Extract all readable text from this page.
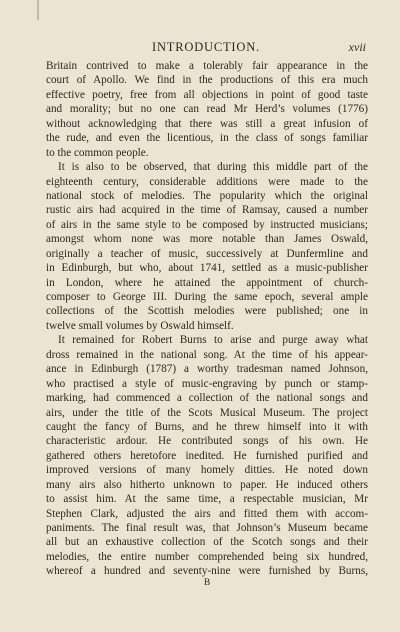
INTRODUCTION.	xvii
Britain contrived to make a tolerably fair appearance in the
court of Apollo. We find in the productions of this era much
effective poetry, free from all objections in point of good taste
and morality; but no one can read Mr Herd’s volumes (1776)
without acknowledging that there was still a great infusion of
the rude, and even the licentious, in the class of songs familiar
to the common people.
It is also to be observed, that during this middle part of the
eighteenth century, considerable additions were made to the
national stock of melodies. The popularity which the original
rustic airs had acquired in the time of Ramsay, caused a number
of airs in the same style to be composed by instructed musicians;
amongst whom none was more notable than James Oswald,
originally a teacher of music, successively at Dunfermline and
in Edinburgh, but who, about 1741, settled as a music-publisher
in London, where he attained the appointment of church-
composer to George III. During the same epoch, several ample
collections of the Scottish melodies were published; one in
twelve small volumes by Oswald himself.
It remained for Robert Burns to arise and purge away what
dross remained in the national song. At the time of his appear-
ance in Edinburgh (1787) a worthy tradesman named Johnson,
who practised a style of music-engraving by punch or stamp-
marking, had commenced a collection of the national songs and
airs, under the title of the Scots Musical Museum. The project
caught the fancy of Burns, and he threw himself into it with
characteristic ardour. He contributed songs of his own. He
gathered others heretofore inedited. He furnished purified and
improved versions of many homely ditties. He noted down
many airs also hitherto unknown to paper. He induced others
to assist him. At the same time, a respectable musician, Mr
Stephen Clark, adjusted the airs and fitted them with accom-
paniments. The final result was, that Johnson’s Museum became
all but an exhaustive collection of the Scotch songs and their
melodies, the entire number comprehended being six hundred,
whereof a hundred and seventy-nine were furnished by Burns,
B
